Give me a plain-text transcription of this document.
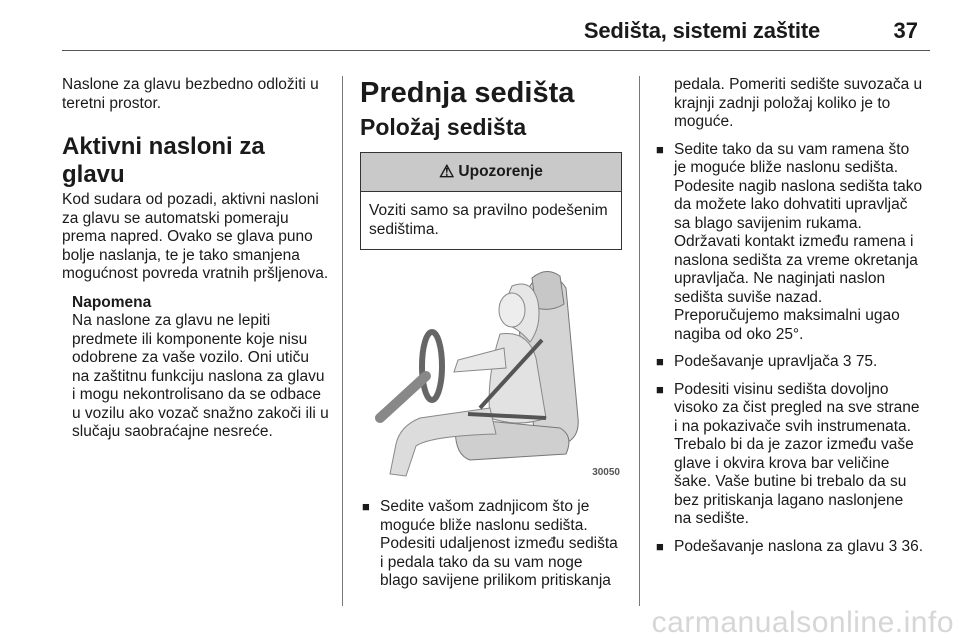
Sedišta, sistemi zaštite	37

Naslone za glavu bezbedno odložiti u teretni prostor.

Aktivni nasloni za glavu

Kod sudara od pozadi, aktivni nasloni za glavu se automatski pomeraju prema napred. Ovako se glava puno bolje naslanja, te je tako smanjena mogućnost povreda vratnih pršljenova.

Napomena

Na naslone za glavu ne lepiti predmete ili komponente koje nisu odobrene za vaše vozilo. Oni utiču na zaštitnu funkciju naslona za glavu i mogu nekontrolisano da se odbace u vozilu ako vozač snažno zakoči ili u slučaju saobraćajne nesreće.

Prednja sedišta
Položaj sedišta
⚠ Upozorenje

Voziti samo sa pravilno podešenim sedištima.

30050
■ Sedite vašom zadnjicom što je moguće bliže naslonu sedišta. Podesiti udaljenost između sedišta i pedala tako da su vam noge blago savijene prilikom pritiskanja

pedala. Pomeriti sedište suvozača u krajnji zadnji položaj koliko je to moguće.

■ Sedite tako da su vam ramena što je moguće bliže naslonu sedišta. Podesite nagib naslona sedišta tako da možete lako dohvatiti upravljač sa blago savijenim rukama. Održavati kontakt između ramena i naslona sedišta za vreme okretanja upravljača. Ne naginjati naslon sedišta suviše nazad. Preporučujemo maksimalni ugao nagiba od oko 25°.
■ Podešavanje upravljača 3 75.
■ Podesiti visinu sedišta dovoljno visoko za čist pregled na sve strane i na pokazivače svih instrumenata. Trebalo bi da je zazor između vaše glave i okvira krova bar veličine šake. Vaše butine bi trebalo da su bez pritiskanja lagano naslonjene na sedište.
■ Podešavanje naslona za glavu 3 36.
carmanualsonline.info
